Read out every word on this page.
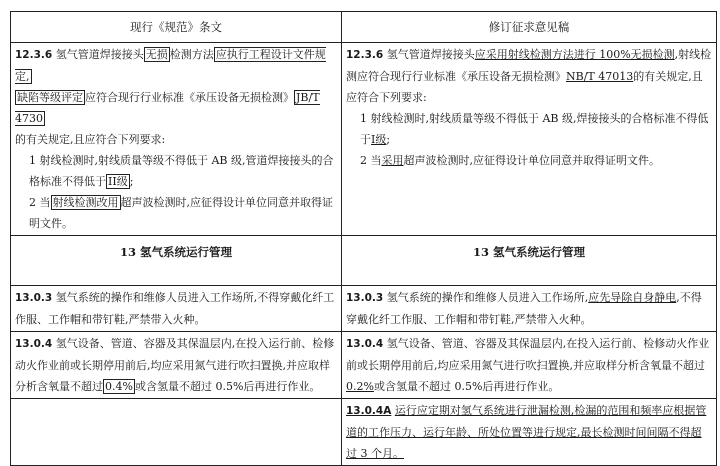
现行《规范》条文	修订征求意见稿
12.3.6 氢气管道焊接接头 无损 检测方法 应执行工程设计文件规定,
缺陷等级评定 应符合现行行业标准《承压设备无损检测》 JB/T 4730
的有关规定,且应符合下列要求:
1 射线检测时,射线质量等级不得低于 AB 级,管道焊接接头的合格标准不得低于 II级 ;
2 当 射线检测改用 超声波检测时,应征得设计单位同意并取得证明文件。	12.3.6 氢气管道焊接接头应采用射线检测方法进行 100%无损检测,射线检测应符合现行行业标准《承压设备无损检测》NB/T 47013的有关规定,且应符合下列要求:
1 射线检测时,射线质量等级不得低于 AB 级,焊接接头的合格标准不得低于I级;
2 当采用超声波检测时,应征得设计单位同意并取得证明文件。

13 氢气系统运行管理	13 氢气系统运行管理
13.0.3 氢气系统的操作和维修人员进入工作场所,不得穿戴化纤工作服、工作帽和带钉鞋,严禁带入火种。	13.0.3 氢气系统的操作和维修人员进入工作场所,应先导除自身静电,不得穿戴化纤工作服、工作帽和带钉鞋,严禁带入火种。
13.0.4 氢气设备、管道、容器及其保温层内,在投入运行前、检修动火作业前或长期停用前后,均应采用氮气进行吹扫置换,并应取样分析含氧量不超过 0.4% 或含氢量不超过 0.5%后再进行作业。	13.0.4 氢气设备、管道、容器及其保温层内,在投入运行前、检修动火作业前或长期停用前后,均应采用氮气进行吹扫置换,并应取样分析含氧量不超过0.2%或含氢量不超过 0.5%后再进行作业。
	13.0.4A 运行应定期对氢气系统进行泄漏检测,检漏的范围和频率应根据管道的工作压力、运行年龄、所处位置等进行规定,最长检测时间间隔不得超过 3 个月。
